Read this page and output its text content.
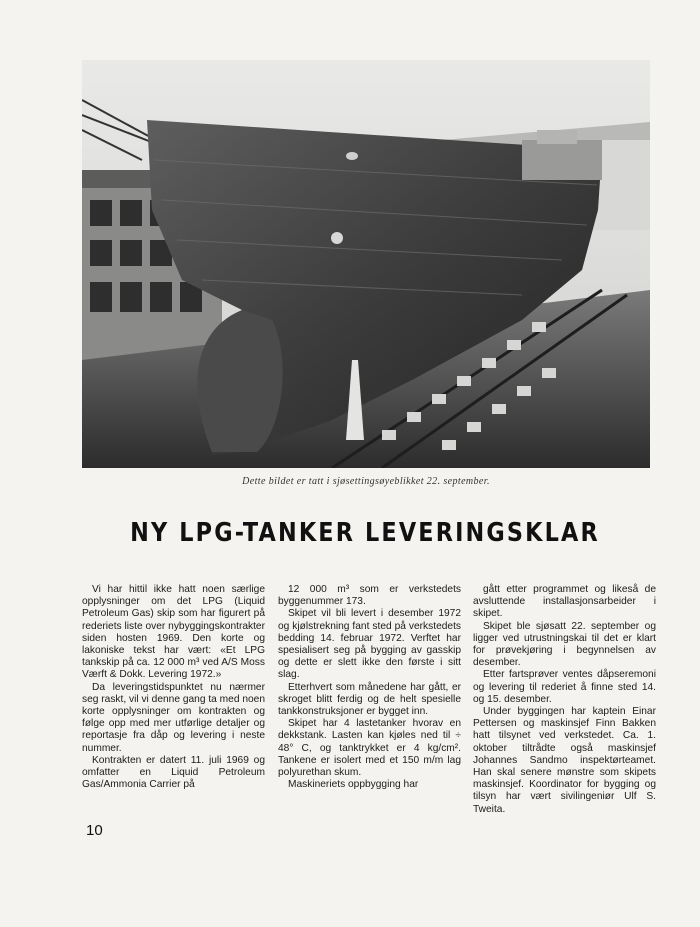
Dette bildet er tatt i sjøsettingsøyeblikket 22. september.
NY LPG-TANKER LEVERINGSKLAR

Vi har hittil ikke hatt noen særlige opplysninger om det LPG (Liquid Petroleum Gas) skip som har figurert på rederiets liste over nybyggingskontrakter siden hosten 1969. Den korte og lakoniske tekst har vært: «Et LPG tankskip på ca. 12 000 m³ ved A/S Moss Værft & Dokk. Levering 1972.»

Da leveringstidspunktet nu nærmer seg raskt, vil vi denne gang ta med noen korte opplysninger om kontrakten og følge opp med mer utførlige detaljer og reportasje fra dåp og levering i neste nummer.

Kontrakten er datert 11. juli 1969 og omfatter en Liquid Petroleum Gas/Ammonia Carrier på

12 000 m³ som er verkstedets byggenummer 173.

Skipet vil bli levert i desember 1972 og kjølstrekning fant sted på verkstedets bedding 14. februar 1972. Verftet har spesialisert seg på bygging av gasskip og dette er slett ikke den første i sitt slag.

Etterhvert som månedene har gått, er skroget blitt ferdig og de helt spesielle tankkonstruksjoner er bygget inn.

Skipet har 4 lastetanker hvorav en dekkstank. Lasten kan kjøles ned til ÷ 48° C, og tanktrykket er 4 kg/cm². Tankene er isolert med et 150 m/m lag polyurethan skum.

Maskineriets oppbygging har

gått etter programmet og likeså de avsluttende installasjonsarbeider i skipet.

Skipet ble sjøsatt 22. september og ligger ved utrustningskai til det er klart for prøvekjøring i begynnelsen av desember.

Etter fartsprøver ventes dåpseremoni og levering til rederiet å finne sted 14. og 15. desember.

Under byggingen har kaptein Einar Pettersen og maskinsjef Finn Bakken hatt tilsynet ved verkstedet. Ca. 1. oktober tiltrådte også maskinsjef Johannes Sandmo inspektørteamet. Han skal senere mønstre som skipets maskinsjef. Koordinator for bygging og tilsyn har vært sivilingeniør Ulf S. Tweita.

10
